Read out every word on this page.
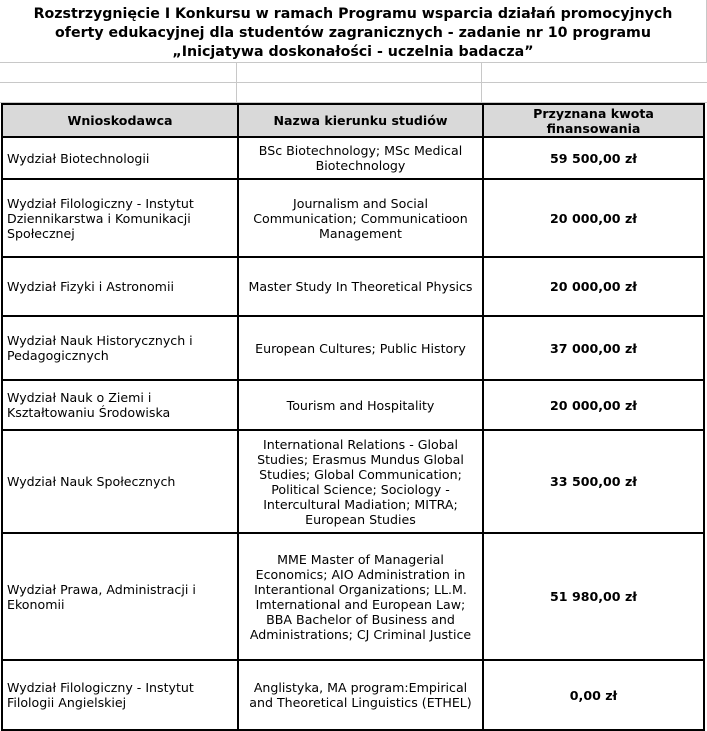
Rozstrzygnięcie I Konkursu w ramach Programu wsparcia działań promocyjnych
oferty edukacyjnej dla studentów zagranicznych - zadanie nr 10 programu
„Inicjatywa doskonałości - uczelnia badacza”
Wnioskodawca	Nazwa kierunku studiów	Przyznana kwota finansowania
Wydział Biotechnologii	BSc Biotechnology; MSc Medical Biotechnology	59 500,00 zł
Wydział Filologiczny - Instytut Dziennikarstwa i Komunikacji Społecznej	Journalism and Social Communication; Communicatioon Management	20 000,00 zł
Wydział Fizyki i Astronomii	Master Study In Theoretical Physics	20 000,00 zł
Wydział Nauk Historycznych i Pedagogicznych	European Cultures; Public History	37 000,00 zł
Wydział Nauk o Ziemi i Kształtowaniu Środowiska	Tourism and Hospitality	20 000,00 zł
Wydział Nauk Społecznych	International Relations - Global Studies; Erasmus Mundus Global Studies; Global Communication; Political Science; Sociology - Intercultural Madiation; MITRA; European Studies	33 500,00 zł
Wydział Prawa, Administracji i Ekonomii	MME Master of Managerial Economics; AIO Administration in Interantional Organizations; LL.M. Imternational and European Law; BBA Bachelor of Business and Administrations; CJ Criminal Justice	51 980,00 zł
Wydział Filologiczny - Instytut Filologii Angielskiej	Anglistyka, MA program:Empirical and Theoretical Linguistics (ETHEL)	0,00 zł
